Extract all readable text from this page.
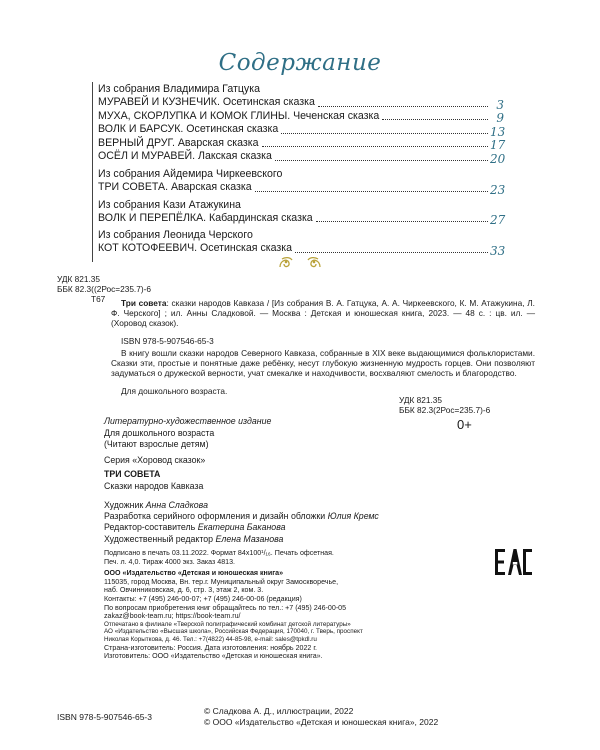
Содержание
Из собрания Владимира Гатцука
МУРАВЕЙ И КУЗНЕЧИК. Осетинская сказка	3
МУХА, СКОРЛУПКА И КОМОК ГЛИНЫ. Чеченская сказка	9
ВОЛК И БАРСУК. Осетинская сказка	13
ВЕРНЫЙ ДРУГ. Аварская сказка	17
ОСЁЛ И МУРАВЕЙ. Лакская сказка	20
Из собрания Айдемира Чиркеевского
ТРИ СОВЕТА. Аварская сказка	23
Из собрания Кази Атажукина
ВОЛК И ПЕРЕПЁЛКА. Кабардинская сказка	27
Из собрания Леонида Черского
КОТ КОТОФЕЕВИЧ. Осетинская сказка	33
УДК 821.35
ББК 82.3((2Рос=235.7)-6
Т67	Три совета: сказки народов Кавказа / [Из собрания В. А. Гатцука, А. А. Чиркеевского, К. М. Атажукина, Л. Ф. Черского] ; ил. Анны Сладковой. — Москва : Детская и юношеская книга, 2023. — 48 с. : цв. ил. — (Хоровод сказок).
ISBN 978-5-907546-65-3
В книгу вошли сказки народов Северного Кавказа, собранные в XIX веке выдающимися фольклористами. Сказки эти, простые и понятные даже ребёнку, несут глубокую жизненную мудрость горцев. Они позволяют задуматься о дружеской верности, учат смекалке и находчивости, восхваляют смелость и благородство.
Для дошкольного возраста.
УДК 821.35
ББК 82.3(2Рос=235.7)-6
Литературно-художественное издание
Для дошкольного возраста
(Читают взрослые детям)
Серия «Хоровод сказок»
ТРИ СОВЕТА
Сказки народов Кавказа
0+
Художник Анна Сладкова
Разработка серийного оформления и дизайн обложки Юлия Кремс
Редактор-составитель Екатерина Баканова
Художественный редактор Елена Мазанова
Подписано в печать 03.11.2022. Формат 84х100¹/₁₆. Печать офсетная.
Печ. л. 4,0. Тираж 4000 экз. Заказ 4813.
ООО «Издательство «Детская и юношеская книга»
115035, город Москва, Вн. тер.г. Муниципальный округ Замоскворечье,
наб. Овчинниковская, д. 6, стр. 3, этаж 2, ком. 3.
Контакты: +7 (495) 246-00-07; +7 (495) 246-00-06 (редакция)
По вопросам приобретения книг обращайтесь по тел.: +7 (495) 246-00-05
zakaz@book-team.ru; https://book-team.ru/
Отпечатано в филиале «Тверской полиграфический комбинат детской литературы»
АО «Издательство «Высшая школа», Российская Федерация, 170040, г. Тверь, проспект
Николая Корыткова, д. 46. Тел.: +7(4822) 44-85-98, e-mail: sales@tpkdl.ru
Страна-изготовитель: Россия. Дата изготовления: ноябрь 2022 г.
Изготовитель: ООО «Издательство «Детская и юношеская книга».
ISBN 978-5-907546-65-3
© Сладкова А. Д., иллюстрации, 2022
© ООО «Издательство «Детская и юношеская книга», 2022
